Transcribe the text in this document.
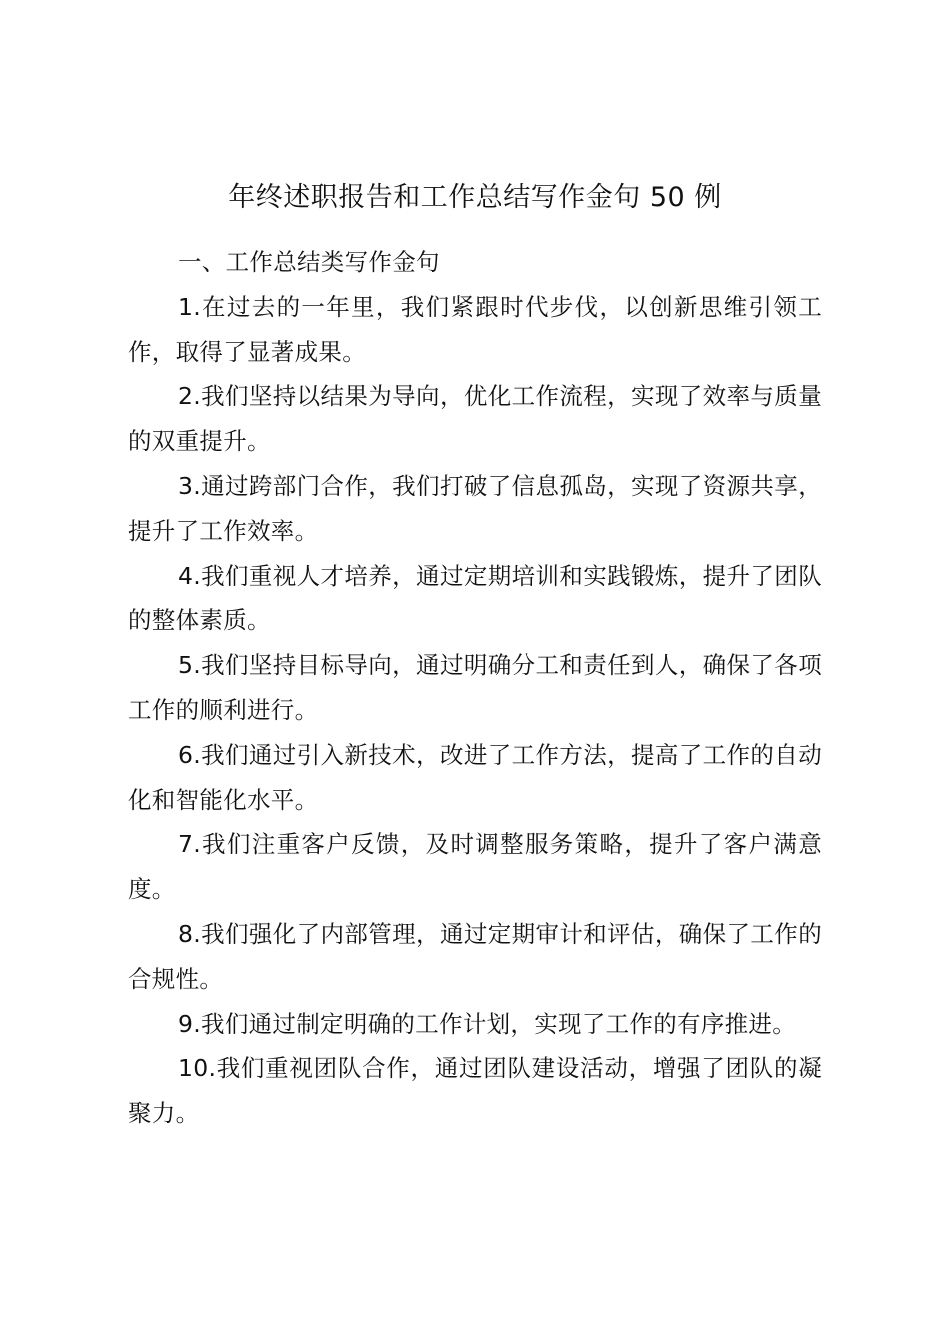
年终述职报告和工作总结写作金句 50 例

一、工作总结类写作金句

1.在过去的一年里，我们紧跟时代步伐，以创新思维引领工作，取得了显著成果。

2.我们坚持以结果为导向，优化工作流程，实现了效率与质量的双重提升。

3.通过跨部门合作，我们打破了信息孤岛，实现了资源共享，提升了工作效率。

4.我们重视人才培养，通过定期培训和实践锻炼，提升了团队的整体素质。

5.我们坚持目标导向，通过明确分工和责任到人，确保了各项工作的顺利进行。

6.我们通过引入新技术，改进了工作方法，提高了工作的自动化和智能化水平。

7.我们注重客户反馈，及时调整服务策略，提升了客户满意度。

8.我们强化了内部管理，通过定期审计和评估，确保了工作的合规性。

9.我们通过制定明确的工作计划，实现了工作的有序推进。

10.我们重视团队合作，通过团队建设活动，增强了团队的凝聚力。
